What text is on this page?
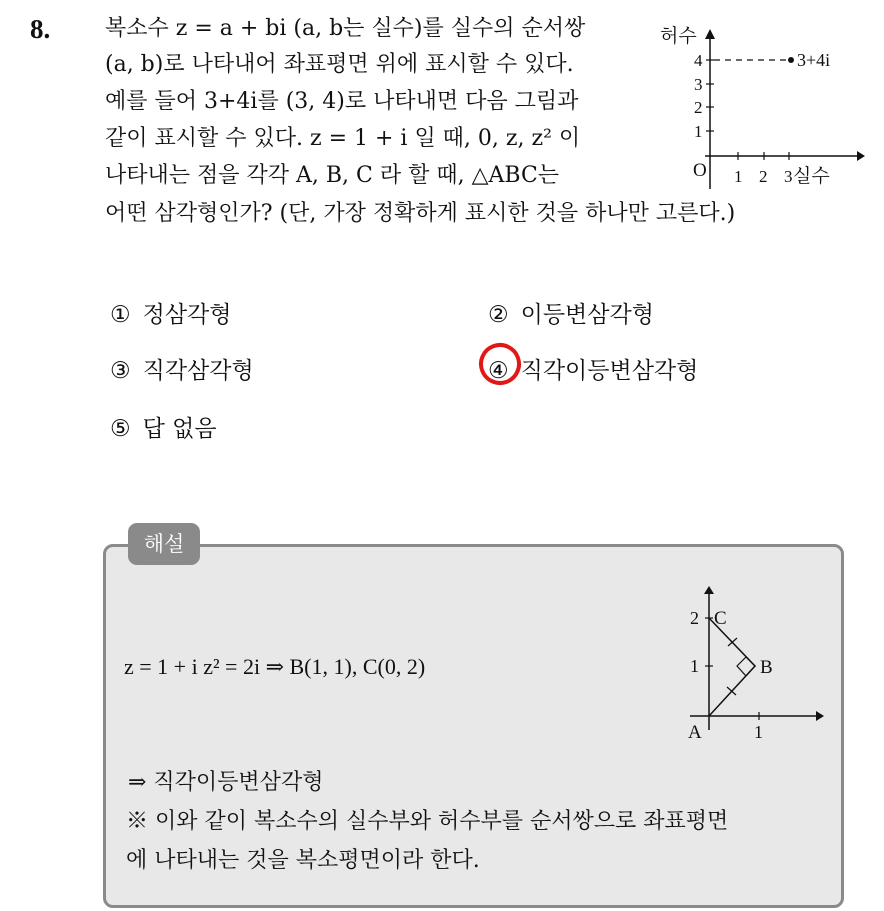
8. 복소수 z = a + bi (a, b는 실수)를 실수의 순서쌍
(a, b)로 나타내어 좌표평면 위에 표시할 수 있다.
예를 들어 3+4i를 (3, 4)로 나타내면 다음 그림과
같이 표시할 수 있다. z = 1 + i 일 때, 0, z, z² 이
나타내는 점을 각각 A, B, C 라 할 때, △ABC는
어떤 삼각형인가? (단, 가장 정확하게 표시한 것을 하나만 고른다.)
허수
실수
O 1 2 3
1
2
3
4	3+4i
① 정삼각형	② 이등변삼각형
③ 직각삼각형	④ 직각이등변삼각형
⑤ 답 없음
해설
z = 1 + i z² = 2i ⇒ B(1, 1), C(0, 2)	1
2
1
A
B
C
⇒ 직각이등변삼각형
※ 이와 같이 복소수의 실수부와 허수부를 순서쌍으로 좌표평면
에 나타내는 것을 복소평면이라 한다.
